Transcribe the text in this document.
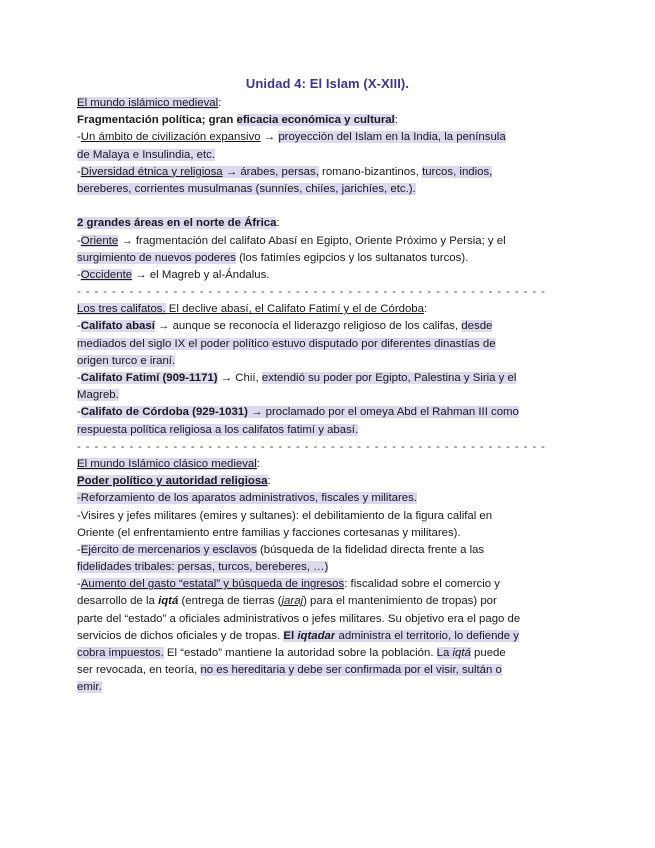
Unidad 4: El Islam (X-XIII).
El mundo islámico medieval:
Fragmentación política; gran eficacia económica y cultural:
-Un ámbito de civilización expansivo → proyección del Islam en la India, la península
de Malaya e Insulindia, etc.
-Diversidad étnica y religiosa → árabes, persas, romano-bizantinos, turcos, indios,
bereberes, corrientes musulmanas (sunníes, chiíes, jarichíes, etc.).
2 grandes áreas en el norte de África:
-Oriente → fragmentación del califato Abasí en Egipto, Oriente Próximo y Persia; y el
surgimiento de nuevos poderes (los fatimíes egipcios y los sultanatos turcos).
-Occidente → el Magreb y al-Ándalus.
- - - - - - - - - - - - - - - - - - - - - - - - - - - - - - - - - - - - - - - - - - - - - - - - - - - - - -
Los tres califatos. El declive abasí, el Califato Fatimí y el de Córdoba:
-Califato abasí → aunque se reconocía el liderazgo religioso de los califas, desde
mediados del siglo IX el poder político estuvo disputado por diferentes dinastías de
origen turco e iraní.
-Califato Fatimí (909-1171) → Chií, extendió su poder por Egipto, Palestina y Siria y el
Magreb.
-Califato de Córdoba (929-1031) → proclamado por el omeya Abd el Rahman III como
respuesta política religiosa a los califatos fatimí y abasí.
- - - - - - - - - - - - - - - - - - - - - - - - - - - - - - - - - - - - - - - - - - - - - - - - - - - - - -
El mundo Islámico clásico medieval:
Poder político y autoridad religiosa:
-Reforzamiento de los aparatos administrativos, fiscales y militares.
-Visires y jefes militares (emires y sultanes): el debilitamiento de la figura califal en
Oriente (el enfrentamiento entre familias y facciones cortesanas y militares).
-Ejército de mercenarios y esclavos (búsqueda de la fidelidad directa frente a las
fidelidades tribales: persas, turcos, bereberes, …)
-Aumento del gasto “estatal” y búsqueda de ingresos: fiscalidad sobre el comercio y
desarrollo de la iqtá (entrega de tierras (jaraj) para el mantenimiento de tropas) por
parte del “estado” a oficiales administrativos o jefes militares. Su objetivo era el pago de
servicios de dichos oficiales y de tropas. El iqtadar administra el territorio, lo defiende y
cobra impuestos. El “estado” mantiene la autoridad sobre la población. La iqtá puede
ser revocada, en teoría, no es hereditaria y debe ser confirmada por el visir, sultán o
emir.
